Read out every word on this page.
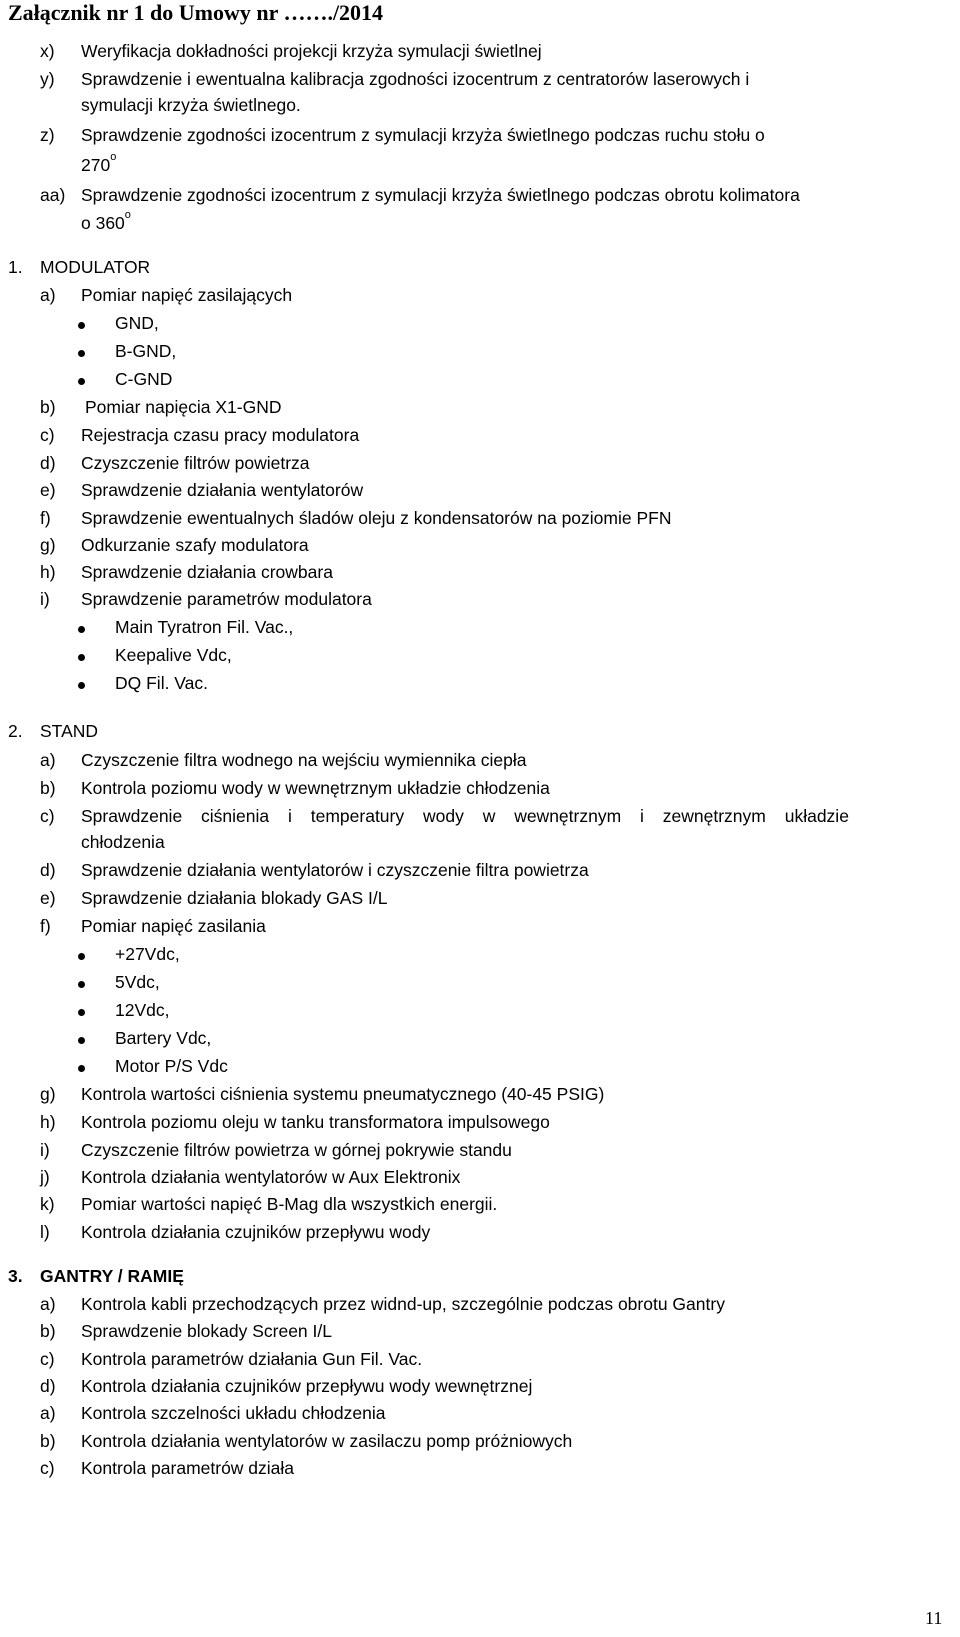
Załącznik nr 1 do Umowy nr ……./2014
x) Weryfikacja dokładności projekcji krzyża symulacji świetlnej
y) Sprawdzenie i ewentualna kalibracja zgodności izocentrum z centratorów laserowych i
symulacji krzyża świetlnego.
z) Sprawdzenie zgodności izocentrum z symulacji krzyża świetlnego podczas ruchu stołu o
270$^o$
aa) Sprawdzenie zgodności izocentrum z symulacji krzyża świetlnego podczas obrotu kolimatora
o 360$^o$
1. MODULATOR
a) Pomiar napięć zasilających
GND,
B-GND,
C-GND
b) Pomiar napięcia X1-GND
c) Rejestracja czasu pracy modulatora
d) Czyszczenie filtrów powietrza
e) Sprawdzenie działania wentylatorów
f) Sprawdzenie ewentualnych śladów oleju z kondensatorów na poziomie PFN
g) Odkurzanie szafy modulatora
h) Sprawdzenie działania crowbara
i) Sprawdzenie parametrów modulatora
Main Tyratron Fil. Vac.,
Keepalive Vdc,
DQ Fil. Vac.
2. STAND
a) Czyszczenie filtra wodnego na wejściu wymiennika ciepła
b) Kontrola poziomu wody w wewnętrznym układzie chłodzenia
c) Sprawdzenie ciśnienia i temperatury wody w wewnętrznym i zewnętrznym układzie
chłodzenia
d) Sprawdzenie działania wentylatorów i czyszczenie filtra powietrza
e) Sprawdzenie działania blokady GAS I/L
f) Pomiar napięć zasilania
+27Vdc,
5Vdc,
12Vdc,
Bartery Vdc,
Motor P/S Vdc
g) Kontrola wartości ciśnienia systemu pneumatycznego (40-45 PSIG)
h) Kontrola poziomu oleju w tanku transformatora impulsowego
i) Czyszczenie filtrów powietrza w górnej pokrywie standu
j) Kontrola działania wentylatorów w Aux Elektronix
k) Pomiar wartości napięć B-Mag dla wszystkich energii.
l) Kontrola działania czujników przepływu wody
3. GANTRY / RAMIĘ
a) Kontrola kabli przechodzących przez widnd-up, szczególnie podczas obrotu Gantry
b) Sprawdzenie blokady Screen I/L
c) Kontrola parametrów działania Gun Fil. Vac.
d) Kontrola działania czujników przepływu wody wewnętrznej
a) Kontrola szczelności układu chłodzenia
b) Kontrola działania wentylatorów w zasilaczu pomp próżniowych
c) Kontrola parametrów działa
11
